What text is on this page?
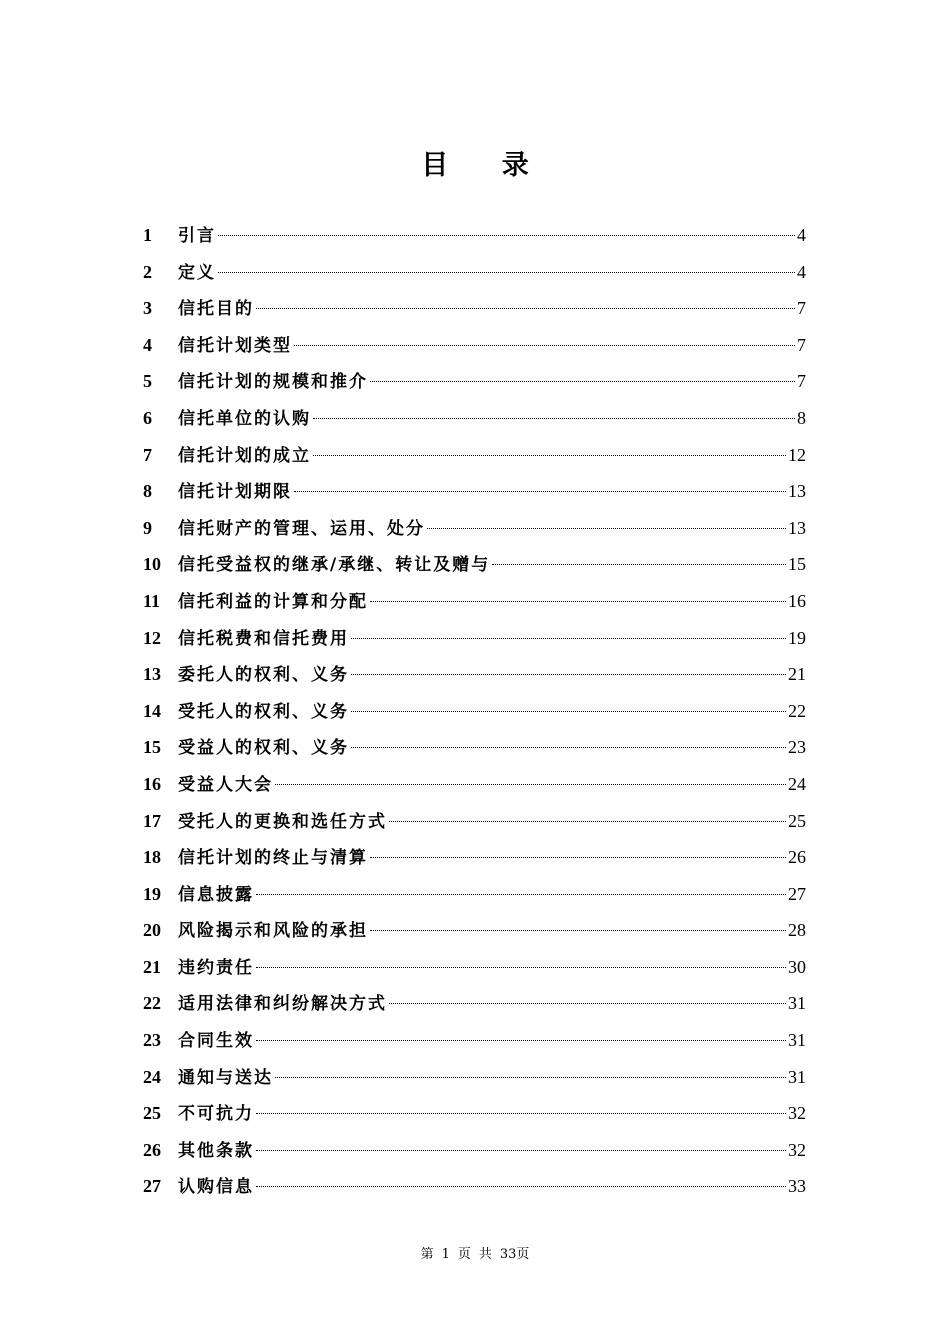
目 录
1	引言	4
2	定义	4
3	信托目的	7
4	信托计划类型	7
5	信托计划的规模和推介	7
6	信托单位的认购	8
7	信托计划的成立	12
8	信托计划期限	13
9	信托财产的管理、运用、处分	13
10	信托受益权的继承/承继、转让及赠与	15
11	信托利益的计算和分配	16
12	信托税费和信托费用	19
13	委托人的权利、义务	21
14	受托人的权利、义务	22
15	受益人的权利、义务	23
16	受益人大会	24
17	受托人的更换和选任方式	25
18	信托计划的终止与清算	26
19	信息披露	27
20	风险揭示和风险的承担	28
21	违约责任	30
22	适用法律和纠纷解决方式	31
23	合同生效	31
24	通知与送达	31
25	不可抗力	32
26	其他条款	32
27	认购信息	33
第 1 页 共 33页
